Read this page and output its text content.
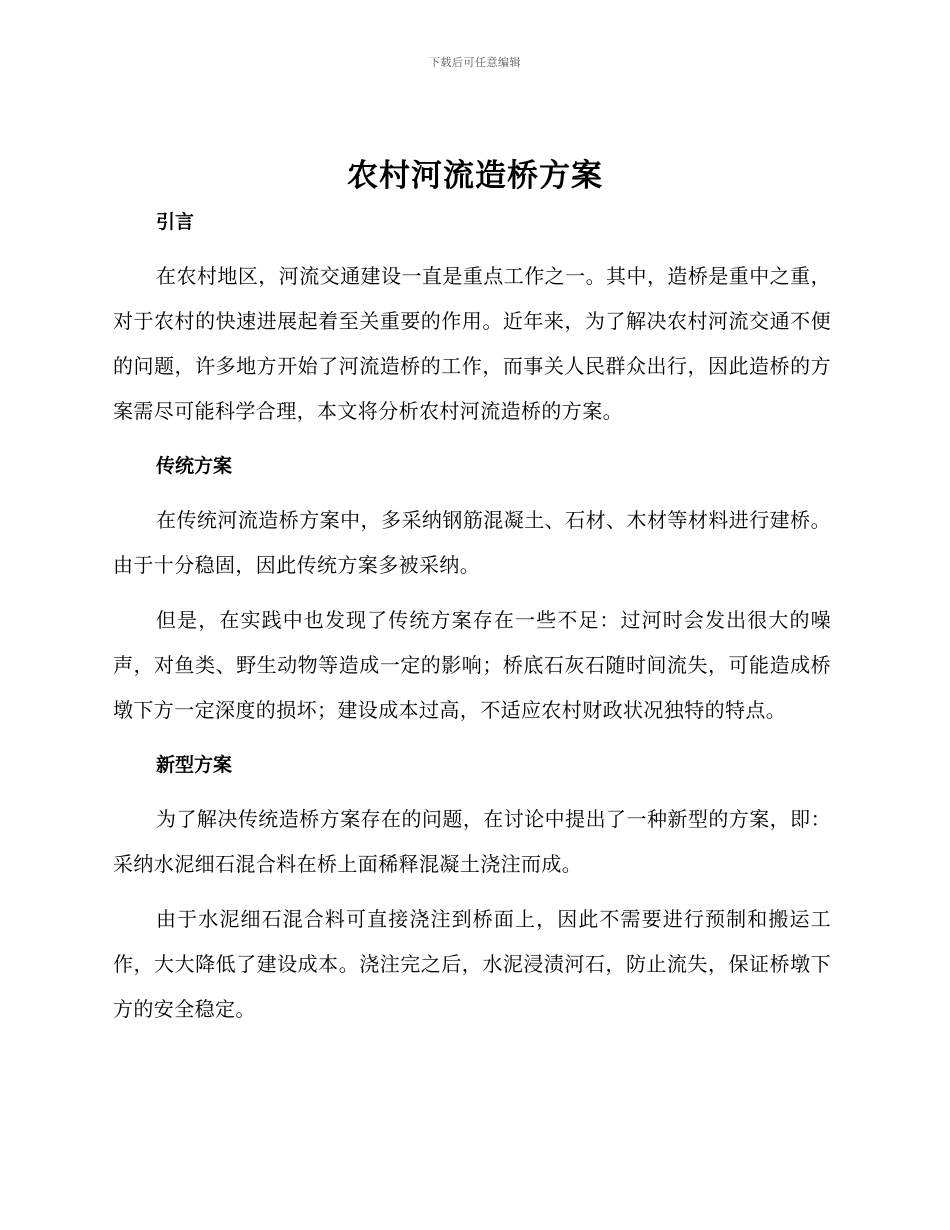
下载后可任意编辑
农村河流造桥方案
引言

在农村地区，河流交通建设一直是重点工作之一。其中，造桥是重中之重，对于农村的快速进展起着至关重要的作用。近年来，为了解决农村河流交通不便的问题，许多地方开始了河流造桥的工作，而事关人民群众出行，因此造桥的方案需尽可能科学合理，本文将分析农村河流造桥的方案。

传统方案

在传统河流造桥方案中，多采纳钢筋混凝土、石材、木材等材料进行建桥。由于十分稳固，因此传统方案多被采纳。

但是，在实践中也发现了传统方案存在一些不足：过河时会发出很大的噪声，对鱼类、野生动物等造成一定的影响；桥底石灰石随时间流失，可能造成桥墩下方一定深度的损坏；建设成本过高，不适应农村财政状况独特的特点。

新型方案

为了解决传统造桥方案存在的问题，在讨论中提出了一种新型的方案，即：采纳水泥细石混合料在桥上面稀释混凝土浇注而成。

由于水泥细石混合料可直接浇注到桥面上，因此不需要进行预制和搬运工作，大大降低了建设成本。浇注完之后，水泥浸渍河石，防止流失，保证桥墩下方的安全稳定。
